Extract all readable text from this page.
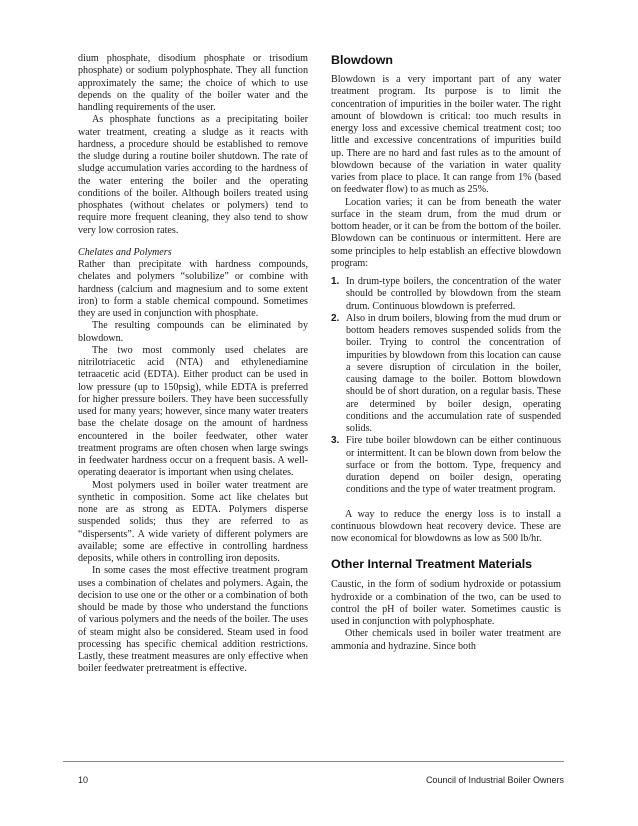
dium phosphate, disodium phosphate or trisodium phosphate) or sodium polyphosphate. They all function approximately the same; the choice of which to use depends on the quality of the boiler water and the handling requirements of the user.

As phosphate functions as a precipitating boiler water treatment, creating a sludge as it reacts with hardness, a procedure should be established to remove the sludge during a routine boiler shutdown. The rate of sludge accumulation varies according to the hardness of the water entering the boiler and the operating conditions of the boiler. Although boilers treated using phosphates (without chelates or polymers) tend to require more frequent cleaning, they also tend to show very low corrosion rates.

Chelates and Polymers

Rather than precipitate with hardness compounds, chelates and polymers “solubilize” or combine with hardness (calcium and magnesium and to some extent iron) to form a stable chemical compound. Sometimes they are used in conjunction with phosphate.

The resulting compounds can be eliminated by blowdown.

The two most commonly used chelates are nitrilotriacetic acid (NTA) and ethylenediamine tetraacetic acid (EDTA). Either product can be used in low pressure (up to 150psig), while EDTA is preferred for higher pressure boilers. They have been successfully used for many years; however, since many water treaters base the chelate dosage on the amount of hardness encountered in the boiler feedwater, other water treatment programs are often chosen when large swings in feedwater hardness occur on a frequent basis. A well-operating deaerator is important when using chelates.

Most polymers used in boiler water treatment are synthetic in composition. Some act like chelates but none are as strong as EDTA. Polymers disperse suspended solids; thus they are referred to as “dispersents”. A wide variety of different polymers are available; some are effective in controlling hardness deposits, while others in controlling iron deposits.

In some cases the most effective treatment program uses a combination of chelates and polymers. Again, the decision to use one or the other or a combination of both should be made by those who understand the functions of various polymers and the needs of the boiler. The uses of steam might also be considered. Steam used in food processing has specific chemical addition restrictions. Lastly, these treatment measures are only effective when boiler feedwater pretreatment is effective.

Blowdown

Blowdown is a very important part of any water treatment program. Its purpose is to limit the concentration of impurities in the boiler water. The right amount of blowdown is critical: too much results in energy loss and excessive chemical treatment cost; too little and excessive concentrations of impurities build up. There are no hard and fast rules as to the amount of blowdown because of the variation in water quality varies from place to place. It can range from 1% (based on feedwater flow) to as much as 25%.

Location varies; it can be from beneath the water surface in the steam drum, from the mud drum or bottom header, or it can be from the bottom of the boiler. Blowdown can be continuous or intermittent. Here are some principles to help establish an effective blowdown program:

1. In drum-type boilers, the concentration of the water should be controlled by blowdown from the steam drum. Continuous blowdown is preferred.
2. Also in drum boilers, blowing from the mud drum or bottom headers removes suspended solids from the boiler. Trying to control the concentration of impurities by blowdown from this location can cause a severe disruption of circulation in the boiler, causing damage to the boiler. Bottom blowdown should be of short duration, on a regular basis. These are determined by boiler design, operating conditions and the accumulation rate of suspended solids.
3. Fire tube boiler blowdown can be either continuous or intermittent. It can be blown down from below the surface or from the bottom. Type, frequency and duration depend on boiler design, operating conditions and the type of water treatment program.

A way to reduce the energy loss is to install a continuous blowdown heat recovery device. These are now economical for blowdowns as low as 500 lb/hr.

Other Internal Treatment Materials

Caustic, in the form of sodium hydroxide or potassium hydroxide or a combination of the two, can be used to control the pH of boiler water. Sometimes caustic is used in conjunction with polyphosphate.

Other chemicals used in boiler water treatment are ammonia and hydrazine. Since both

10	Council of Industrial Boiler Owners
